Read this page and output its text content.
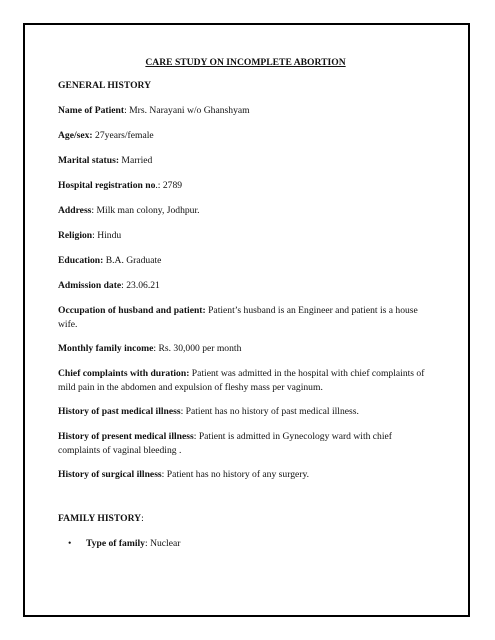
CARE STUDY ON INCOMPLETE ABORTION

GENERAL HISTORY

Name of Patient: Mrs. Narayani w/o Ghanshyam

Age/sex: 27years/female

Marital status: Married

Hospital registration no.: 2789

Address: Milk man colony, Jodhpur.

Religion: Hindu

Education: B.A. Graduate

Admission date: 23.06.21

Occupation of husband and patient: Patient’s husband is an Engineer and patient is a house wife.

Monthly family income: Rs. 30,000 per month

Chief complaints with duration: Patient was admitted in the hospital with chief complaints of mild pain in the abdomen and expulsion of fleshy mass per vaginum.

History of past medical illness: Patient has no history of past medical illness.

History of present medical illness: Patient is admitted in Gynecology ward with chief complaints of vaginal bleeding .

History of surgical illness: Patient has no history of any surgery.

FAMILY HISTORY:

• Type of family: Nuclear
